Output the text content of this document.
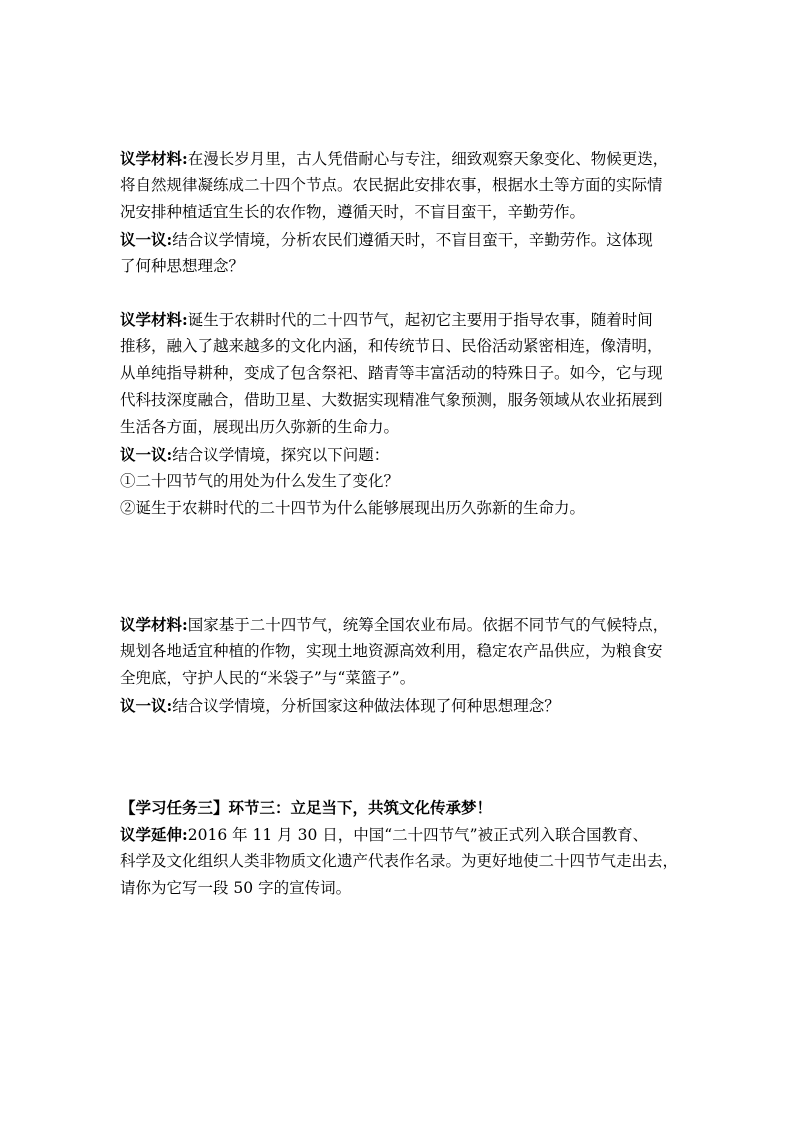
议学材料:在漫长岁月里，古人凭借耐心与专注，细致观察天象变化、物候更迭，
将自然规律凝练成二十四个节点。农民据此安排农事，根据水土等方面的实际情
况安排种植适宜生长的农作物，遵循天时，不盲目蛮干，辛勤劳作。
议一议:结合议学情境，分析农民们遵循天时，不盲目蛮干，辛勤劳作。这体现
了何种思想理念？
议学材料:诞生于农耕时代的二十四节气，起初它主要用于指导农事，随着时间
推移，融入了越来越多的文化内涵，和传统节日、民俗活动紧密相连，像清明，
从单纯指导耕种，变成了包含祭祀、踏青等丰富活动的特殊日子。如今，它与现
代科技深度融合，借助卫星、大数据实现精准气象预测，服务领域从农业拓展到
生活各方面，展现出历久弥新的生命力。
议一议:结合议学情境，探究以下问题：
①二十四节气的用处为什么发生了变化？
②诞生于农耕时代的二十四节为什么能够展现出历久弥新的生命力。
议学材料:国家基于二十四节气，统筹全国农业布局。依据不同节气的气候特点，
规划各地适宜种植的作物，实现土地资源高效利用，稳定农产品供应，为粮食安
全兜底，守护人民的“米袋子”与“菜篮子”。
议一议:结合议学情境，分析国家这种做法体现了何种思想理念？
【学习任务三】环节三：立足当下，共筑文化传承梦！
议学延伸:2016 年 11 月 30 日，中国“二十四节气”被正式列入联合国教育、
科学及文化组织人类非物质文化遗产代表作名录。为更好地使二十四节气走出去，
请你为它写一段 50 字的宣传词。
